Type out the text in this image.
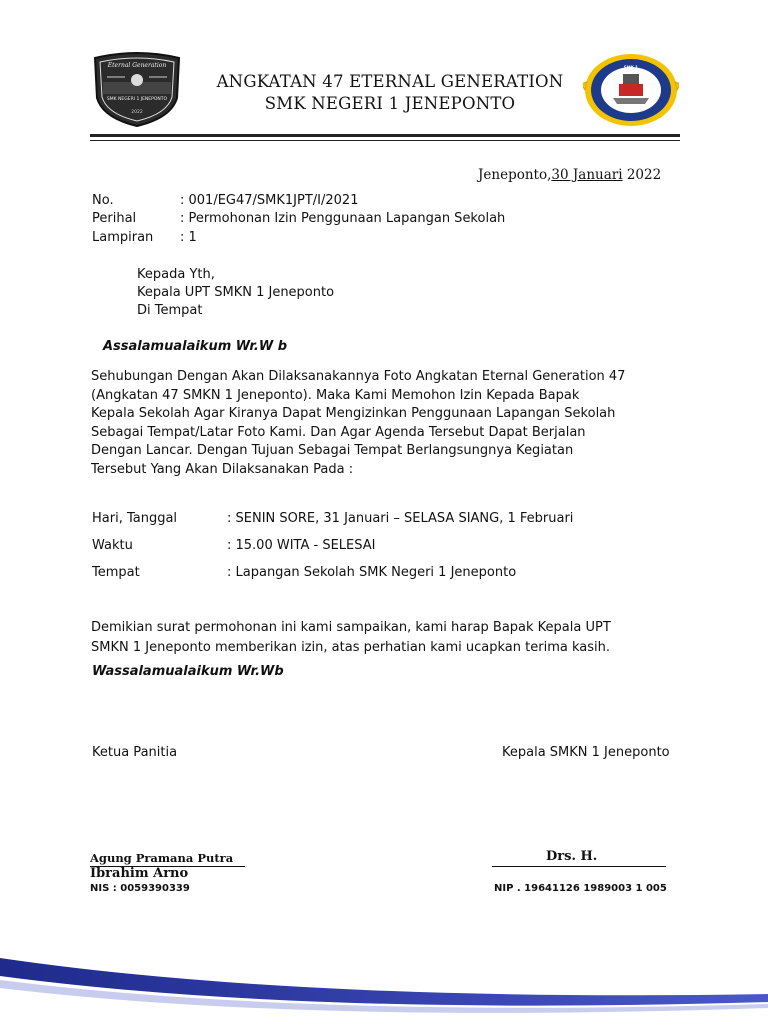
Eternal Generation
SMK NEGERI 1 JENEPONTO
2022
ANGKATAN 47 ETERNAL GENERATION
SMK NEGERI 1 JENEPONTO
SMK 1 JENEPONTO
Jeneponto,30 Januari 2022
No.	: 001/EG47/SMK1JPT/I/2021
Perihal	: Permohonan Izin Penggunaan Lapangan Sekolah
Lampiran : 1
Kepada Yth,
Kepala UPT SMKN 1 Jeneponto
Di Tempat
Assalamualaikum Wr.W b
Sehubungan Dengan Akan Dilaksanakannya Foto Angkatan Eternal Generation 47
(Angkatan 47 SMKN 1 Jeneponto). Maka Kami Memohon Izin Kepada Bapak
Kepala Sekolah Agar Kiranya Dapat Mengizinkan Penggunaan Lapangan Sekolah
Sebagai Tempat/Latar Foto Kami. Dan Agar Agenda Tersebut Dapat Berjalan
Dengan Lancar. Dengan Tujuan Sebagai Tempat Berlangsungnya Kegiatan
Tersebut Yang Akan Dilaksanakan Pada :
Hari, Tanggal	: SENIN SORE, 31 Januari – SELASA SIANG, 1 Februari
Waktu	: 15.00 WITA - SELESAI
Tempat	: Lapangan Sekolah SMK Negeri 1 Jeneponto
Demikian surat permohonan ini kami sampaikan, kami harap Bapak Kepala UPT
SMKN 1 Jeneponto memberikan izin, atas perhatian kami ucapkan terima kasih.
Wassalamualaikum Wr.Wb
Ketua Panitia	Kepala SMKN 1 Jeneponto
Agung Pramana Putra
Ibrahim Arno
NIS : 0059390339
Drs. H.
NIP . 19641126 1989003 1 005
